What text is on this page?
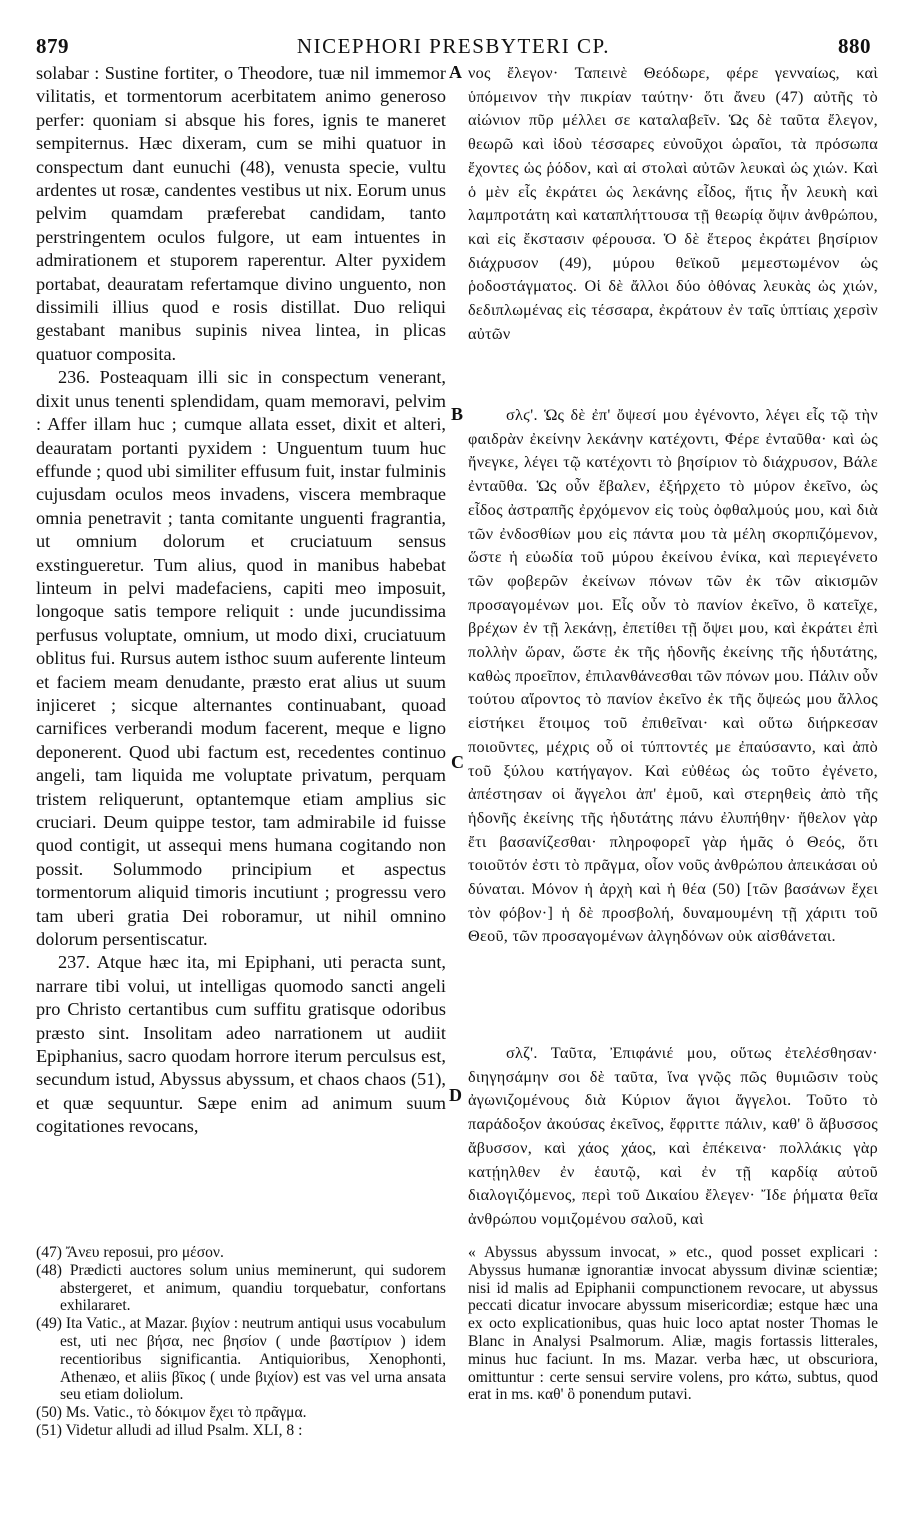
879	NICEPHORI PRESBYTERI CP.	880

solabar : Sustine fortiter, o Theodore, tuæ nil immemor vilitatis, et tormentorum acerbitatem animo generoso perfer: quoniam si absque his fores, ignis te maneret sempiternus. Hæc dixeram, cum se mihi quatuor in conspectum dant eunuchi (48), venusta specie, vultu ardentes ut rosæ, candentes vestibus ut nix. Eorum unus pelvim quamdam præferebat candidam, tanto perstringentem oculos fulgore, ut eam intuentes in admirationem et stuporem raperentur. Alter pyxidem portabat, deauratam refertamque divino unguento, non dissimili illius quod e rosis distillat. Duo reliqui gestabant manibus supinis nivea lintea, in plicas quatuor composita.

236. Posteaquam illi sic in conspectum venerant, dixit unus tenenti splendidam, quam memoravi, pelvim : Affer illam huc ; cumque allata esset, dixit et alteri, deauratam portanti pyxidem : Unguentum tuum huc effunde ; quod ubi similiter effusum fuit, instar fulminis cujusdam oculos meos invadens, viscera membraque omnia penetravit ; tanta comitante unguenti fragrantia, ut omnium dolorum et cruciatuum sensus exstingueretur. Tum alius, quod in manibus habebat linteum in pelvi madefaciens, capiti meo imposuit, longoque satis tempore reliquit : unde jucundissima perfusus voluptate, omnium, ut modo dixi, cruciatuum oblitus fui. Rursus autem isthoc suum auferente linteum et faciem meam denudante, præsto erat alius ut suum injiceret ; sicque alternantes continuabant, quoad carnifices verberandi modum facerent, meque e ligno deponerent. Quod ubi factum est, recedentes continuo angeli, tam liquida me voluptate privatum, perquam tristem reliquerunt, optantemque etiam amplius sic cruciari. Deum quippe testor, tam admirabile id fuisse quod contigit, ut assequi mens humana cogitando non possit. Solummodo principium et aspectus tormentorum aliquid timoris incutiunt ; progressu vero tam uberi gratia Dei roboramur, ut nihil omnino dolorum persentiscatur.

237. Atque hæc ita, mi Epiphani, uti peracta sunt, narrare tibi volui, ut intelligas quomodo sancti angeli pro Christo certantibus cum suffitu gratisque odoribus præsto sint. Insolitam adeo narrationem ut audiit Epiphanius, sacro quodam horrore iterum perculsus est, secundum istud, Abyssus abyssum, et chaos chaos (51), et quæ sequuntur. Sæpe enim ad animum suum cogitationes revocans,

A
B
C
D

νος ἔλεγον· Ταπεινὲ Θεόδωρε, φέρε γενναίως, καὶ ὑπόμεινον τὴν πικρίαν ταύτην· ὅτι ἄνευ (47) αὐτῆς τὸ αἰώνιον πῦρ μέλλει σε καταλαβεῖν. Ὡς δὲ ταῦτα ἔλεγον, θεωρῶ καὶ ἰδοὺ τέσσαρες εὐνοῦχοι ὡραῖοι, τὰ πρόσωπα ἔχοντες ὡς ῥόδον, καὶ αἱ στολαὶ αὐτῶν λευκαὶ ὡς χιών. Καὶ ὁ μὲν εἷς ἐκράτει ὡς λεκάνης εἶδος, ἥτις ἦν λευκὴ καὶ λαμπροτάτη καὶ καταπλήττουσα τῇ θεωρίᾳ ὄψιν ἀνθρώπου, καὶ εἰς ἔκστασιν φέρουσα. Ὁ δὲ ἕτερος ἐκράτει βησίριον διάχρυσον (49), μύρου θεϊκοῦ μεμεστωμένον ὡς ῥοδοστάγματος. Οἱ δὲ ἄλλοι δύο ὀθόνας λευκὰς ὡς χιών, δεδιπλωμένας εἰς τέσσαρα, ἐκράτουν ἐν ταῖς ὑπτίαις χερσὶν αὐτῶν

σλϛ'. Ὡς δὲ ἐπ' ὄψεσί μου ἐγένοντο, λέγει εἷς τῷ τὴν φαιδρὰν ἐκείνην λεκάνην κατέχοντι, Φέρε ἐνταῦθα· καὶ ὡς ἤνεγκε, λέγει τῷ κατέχοντι τὸ βησίριον τὸ διάχρυσον, Βάλε ἐνταῦθα. Ὡς οὖν ἔβαλεν, ἐξήρχετο τὸ μύρον ἐκεῖνο, ὡς εἶδος ἀστραπῆς ἐρχόμενον εἰς τοὺς ὀφθαλμούς μου, καὶ διὰ τῶν ἐνδοσθίων μου εἰς πάντα μου τὰ μέλη σκορπιζόμενον, ὥστε ἡ εὐωδία τοῦ μύρου ἐκείνου ἐνίκα, καὶ περιεγένετο τῶν φοβερῶν ἐκείνων πόνων τῶν ἐκ τῶν αἰκισμῶν προσαγομένων μοι. Εἷς οὖν τὸ πανίον ἐκεῖνο, ὃ κατεῖχε, βρέχων ἐν τῇ λεκάνῃ, ἐπετίθει τῇ ὄψει μου, καὶ ἐκράτει ἐπὶ πολλὴν ὥραν, ὥστε ἐκ τῆς ἡδονῆς ἐκείνης τῆς ἡδυτάτης, καθὼς προεῖπον, ἐπιλανθάνεσθαι τῶν πόνων μου. Πάλιν οὖν τούτου αἴροντος τὸ πανίον ἐκεῖνο ἐκ τῆς ὄψεώς μου ἄλλος εἱστήκει ἕτοιμος τοῦ ἐπιθεῖναι· καὶ οὕτω διήρκεσαν ποιοῦντες, μέχρις οὗ οἱ τύπτοντές με ἐπαύσαντο, καὶ ἀπὸ τοῦ ξύλου κατήγαγον. Καὶ εὐθέως ὡς τοῦτο ἐγένετο, ἀπέστησαν οἱ ἄγγελοι ἀπ' ἐμοῦ, καὶ στερηθεὶς ἀπὸ τῆς ἡδονῆς ἐκείνης τῆς ἡδυτάτης πάνυ ἐλυπήθην· ἤθελον γὰρ ἔτι βασανίζεσθαι· πληροφορεῖ γὰρ ἡμᾶς ὁ Θεός, ὅτι τοιοῦτόν ἐστι τὸ πρᾶγμα, οἷον νοῦς ἀνθρώπου ἀπεικάσαι οὐ δύναται. Μόνον ἡ ἀρχὴ καὶ ἡ θέα (50) [τῶν βασάνων ἔχει τὸν φόβον·] ἡ δὲ προσβολή, δυναμουμένη τῇ χάριτι τοῦ Θεοῦ, τῶν προσαγομένων ἀλγηδόνων οὐκ αἰσθάνεται.

σλζ'. Ταῦτα, Ἐπιφάνιέ μου, οὕτως ἐτελέσθησαν· διηγησάμην σοι δὲ ταῦτα, ἵνα γνῷς πῶς θυμιῶσιν τοὺς ἀγωνιζομένους διὰ Κύριον ἅγιοι ἄγγελοι. Τοῦτο τὸ παράδοξον ἀκούσας ἐκεῖνος, ἔφριττε πάλιν, καθ' ὃ ἄβυσσος ἄβυσσον, καὶ χάος χάος, καὶ ἐπέκεινα· πολλάκις γὰρ κατῄηλθεν ἐν ἑαυτῷ, καὶ ἐν τῇ καρδίᾳ αὐτοῦ διαλογιζόμενος, περὶ τοῦ Δικαίου ἔλεγεν· Ἴδε ῥήματα θεῖα ἀνθρώπου νομιζομένου σαλοῦ, καὶ

(47) Ἄνευ reposui, pro μέσον.

(48) Prædicti auctores solum unius meminerunt, qui sudorem abstergeret, et animum, quandiu torquebatur, confortans exhilararet.

(49) Ita Vatic., at Mazar. βιχίον : neutrum antiqui usus vocabulum est, uti nec βήσα, nec βησίον ( unde βαστίριον ) idem recentioribus significantia. Antiquioribus, Xenophonti, Athenæo, et aliis βῖκος ( unde βιχίον) est vas vel urna ansata seu etiam doliolum.

(50) Ms. Vatic., τὸ δόκιμον ἔχει τὸ πρᾶγμα.

(51) Videtur alludi ad illud Psalm. XLI, 8 :

« Abyssus abyssum invocat, » etc., quod posset explicari : Abyssus humanæ ignorantiæ invocat abyssum divinæ scientiæ; nisi id malis ad Epiphanii compunctionem revocare, ut abyssus peccati dicatur invocare abyssum misericordiæ; estque hæc una ex octo explicationibus, quas huic loco aptat noster Thomas le Blanc in Analysi Psalmorum. Aliæ, magis fortassis litterales, minus huc faciunt. In ms. Mazar. verba hæc, ut obscuriora, omittuntur : certe sensui servire volens, pro κάτω, subtus, quod erat in ms. καθ' ὃ ponendum putavi.
